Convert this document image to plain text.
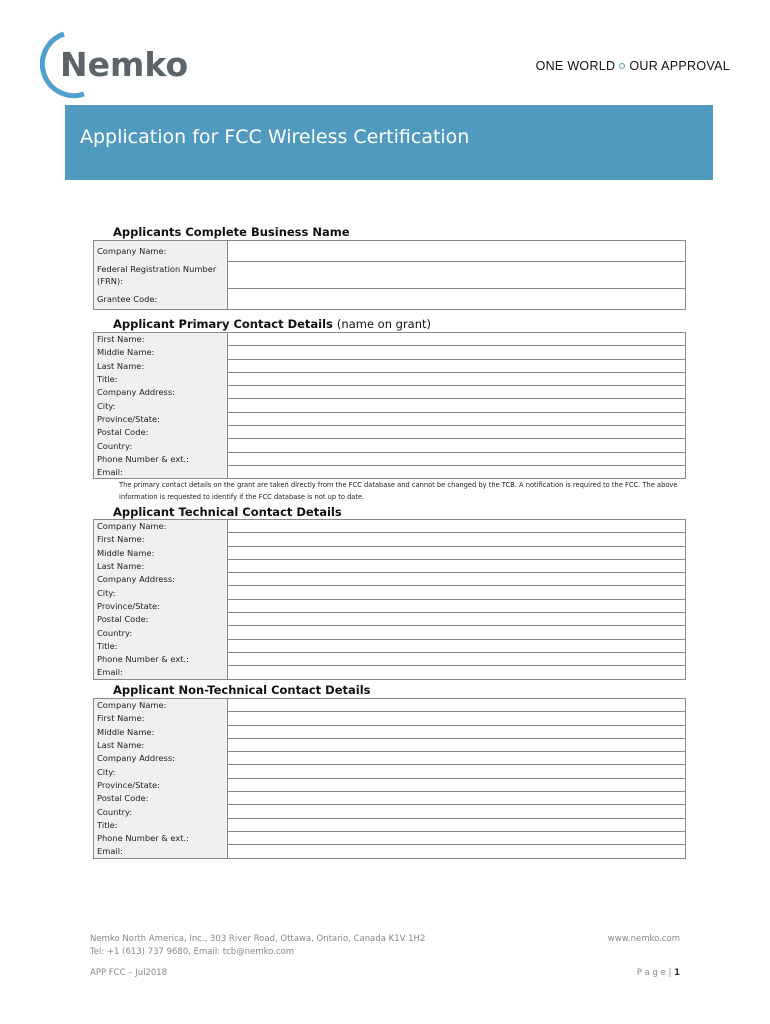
Nemko	ONE WORLD OUR APPROVAL
Application for FCC Wireless Certification
Applicants Complete Business Name
Company Name:	
Federal Registration Number (FRN):	
Grantee Code:	
Applicant Primary Contact Details (name on grant)
First Name:	
Middle Name:	
Last Name:	
Title:	
Company Address:	
City:	
Province/State:	
Postal Code:	
Country:	
Phone Number & ext.:	
Email:	
The primary contact details on the grant are taken directly from the FCC database and cannot be changed by the TCB. A notification is required to the FCC. The above information is requested to identify if the FCC database is not up to date.
Applicant Technical Contact Details
Company Name:	
First Name:	
Middle Name:	
Last Name:	
Company Address:	
City:	
Province/State:	
Postal Code:	
Country:	
Title:	
Phone Number & ext.:	
Email:	
Applicant Non-Technical Contact Details
Company Name:	
First Name:	
Middle Name:	
Last Name:	
Company Address:	
City:	
Province/State:	
Postal Code:	
Country:	
Title:	
Phone Number & ext.:	
Email:	
Nemko North America, Inc., 303 River Road, Ottawa, Ontario, Canada K1V 1H2
Tel: +1 (613) 737 9680, Email: tcb@nemko.com
www.nemko.com
APP FCC – Jul2018	P a g e | 1
